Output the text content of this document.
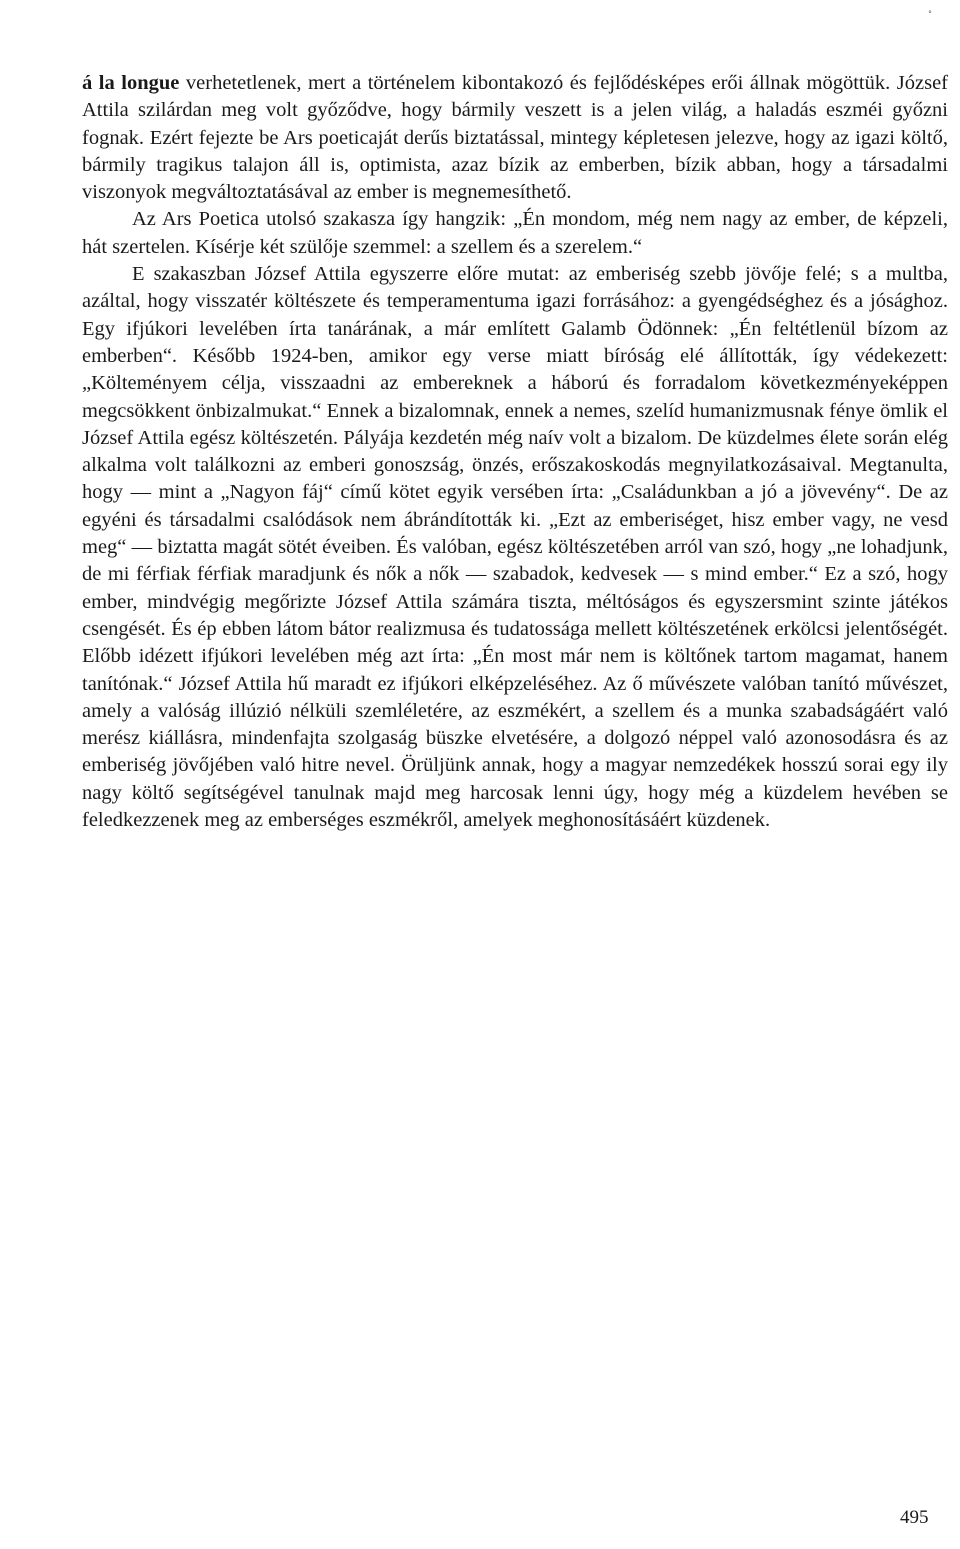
˚

á la longue verhetetlenek, mert a történelem kibontakozó és fejlődésképes erői állnak mögöttük. József Attila szilárdan meg volt győződve, hogy bármily veszett is a jelen világ, a haladás eszméi győzni fognak. Ezért fejezte be Ars poeticaját derűs biztatással, mintegy képletesen jelezve, hogy az igazi költő, bármily tragikus talajon áll is, optimista, azaz bízik az emberben, bízik abban, hogy a társadalmi viszonyok megváltoztatásával az ember is megnemesíthető.

Az Ars Poetica utolsó szakasza így hangzik: „Én mondom, még nem nagy az ember, de képzeli, hát szertelen. Kísérje két szülője szemmel: a szellem és a szerelem.“

E szakaszban József Attila egyszerre előre mutat: az emberiség szebb jövője felé; s a multba, azáltal, hogy visszatér költészete és temperamentuma igazi forrásához: a gyengédséghez és a jósághoz. Egy ifjúkori levelében írta tanárának, a már említett Galamb Ödönnek: „Én feltétlenül bízom az emberben“. Később 1924-ben, amikor egy verse miatt bíróság elé állították, így védekezett: „Költeményem célja, visszaadni az embereknek a háború és forradalom következményeképpen megcsökkent önbizalmukat.“ Ennek a bizalomnak, ennek a nemes, szelíd humanizmusnak fénye ömlik el József Attila egész költészetén. Pályája kezdetén még naív volt a bizalom. De küzdelmes élete során elég alkalma volt találkozni az emberi gonoszság, önzés, erőszakoskodás megnyilatkozásaival. Megtanulta, hogy — mint a „Nagyon fáj“ című kötet egyik versében írta: „Családunkban a jó a jövevény“. De az egyéni és társadalmi csalódások nem ábrándították ki. „Ezt az emberiséget, hisz ember vagy, ne vesd meg“ — biztatta magát sötét éveiben. És valóban, egész költészetében arról van szó, hogy „ne lohadjunk, de mi férfiak férfiak maradjunk és nők a nők — szabadok, kedvesek — s mind ember.“ Ez a szó, hogy ember, mindvégig megőrizte József Attila számára tiszta, méltóságos és egyszersmint szinte játékos csengését. És ép ebben látom bátor realizmusa és tudatossága mellett költészetének erkölcsi jelentőségét. Előbb idézett ifjúkori levelében még azt írta: „Én most már nem is költőnek tartom magamat, hanem tanítónak.“ József Attila hű maradt ez ifjúkori elképzeléséhez. Az ő művészete valóban tanító művészet, amely a valóság illúzió nélküli szemléletére, az eszmékért, a szellem és a munka szabadságáért való merész kiállásra, mindenfajta szolgaság büszke elvetésére, a dolgozó néppel való azonosodásra és az emberiség jövőjében való hitre nevel. Örüljünk annak, hogy a magyar nemzedékek hosszú sorai egy ily nagy költő segítségével tanulnak majd meg harcosak lenni úgy, hogy még a küzdelem hevében se feledkezzenek meg az emberséges eszmékről, amelyek meghonosításáért küzdenek.

495
